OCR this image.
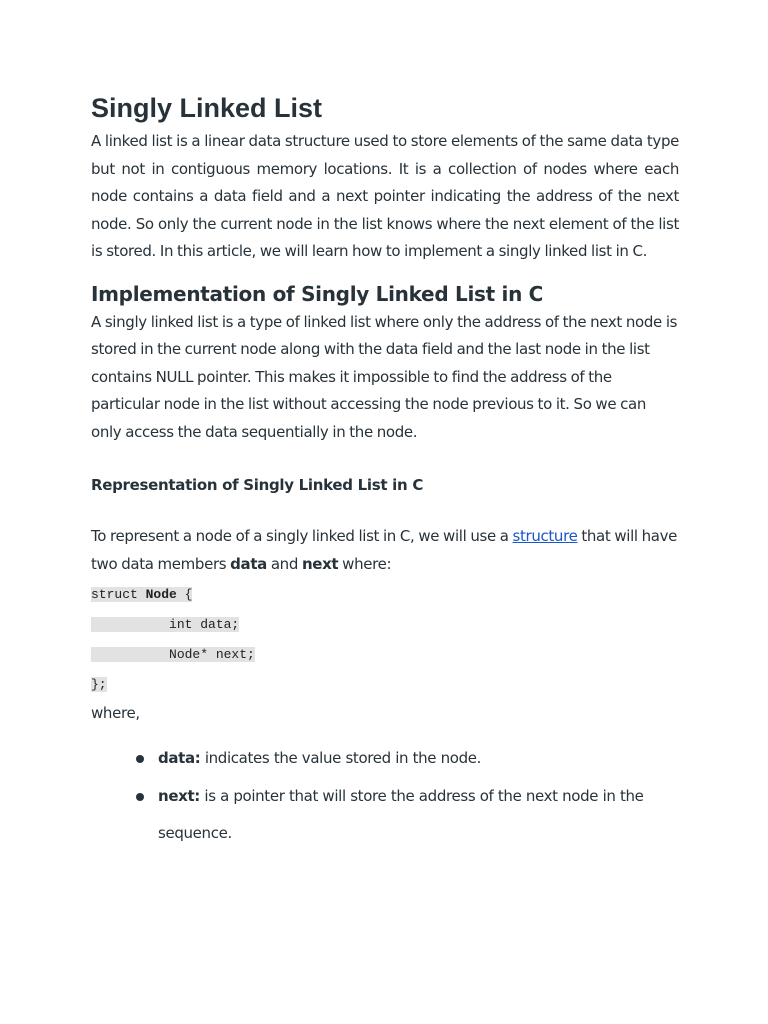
Singly Linked List

A linked list is a linear data structure used to store elements of the same data type but not in contiguous memory locations. It is a collection of nodes where each node contains a data field and a next pointer indicating the address of the next node. So only the current node in the list knows where the next element of the list is stored. In this article, we will learn how to implement a singly linked list in C.

Implementation of Singly Linked List in C

A singly linked list is a type of linked list where only the address of the next node is stored in the current node along with the data field and the last node in the list contains NULL pointer. This makes it impossible to find the address of the particular node in the list without accessing the node previous to it. So we can only access the data sequentially in the node.

Representation of Singly Linked List in C

To represent a node of a singly linked list in C, we will use a structure that will have two data members data and next where:

struct Node {
int data;
Node* next;
};

where,

data: indicates the value stored in the node.
next: is a pointer that will store the address of the next node in the sequence.
